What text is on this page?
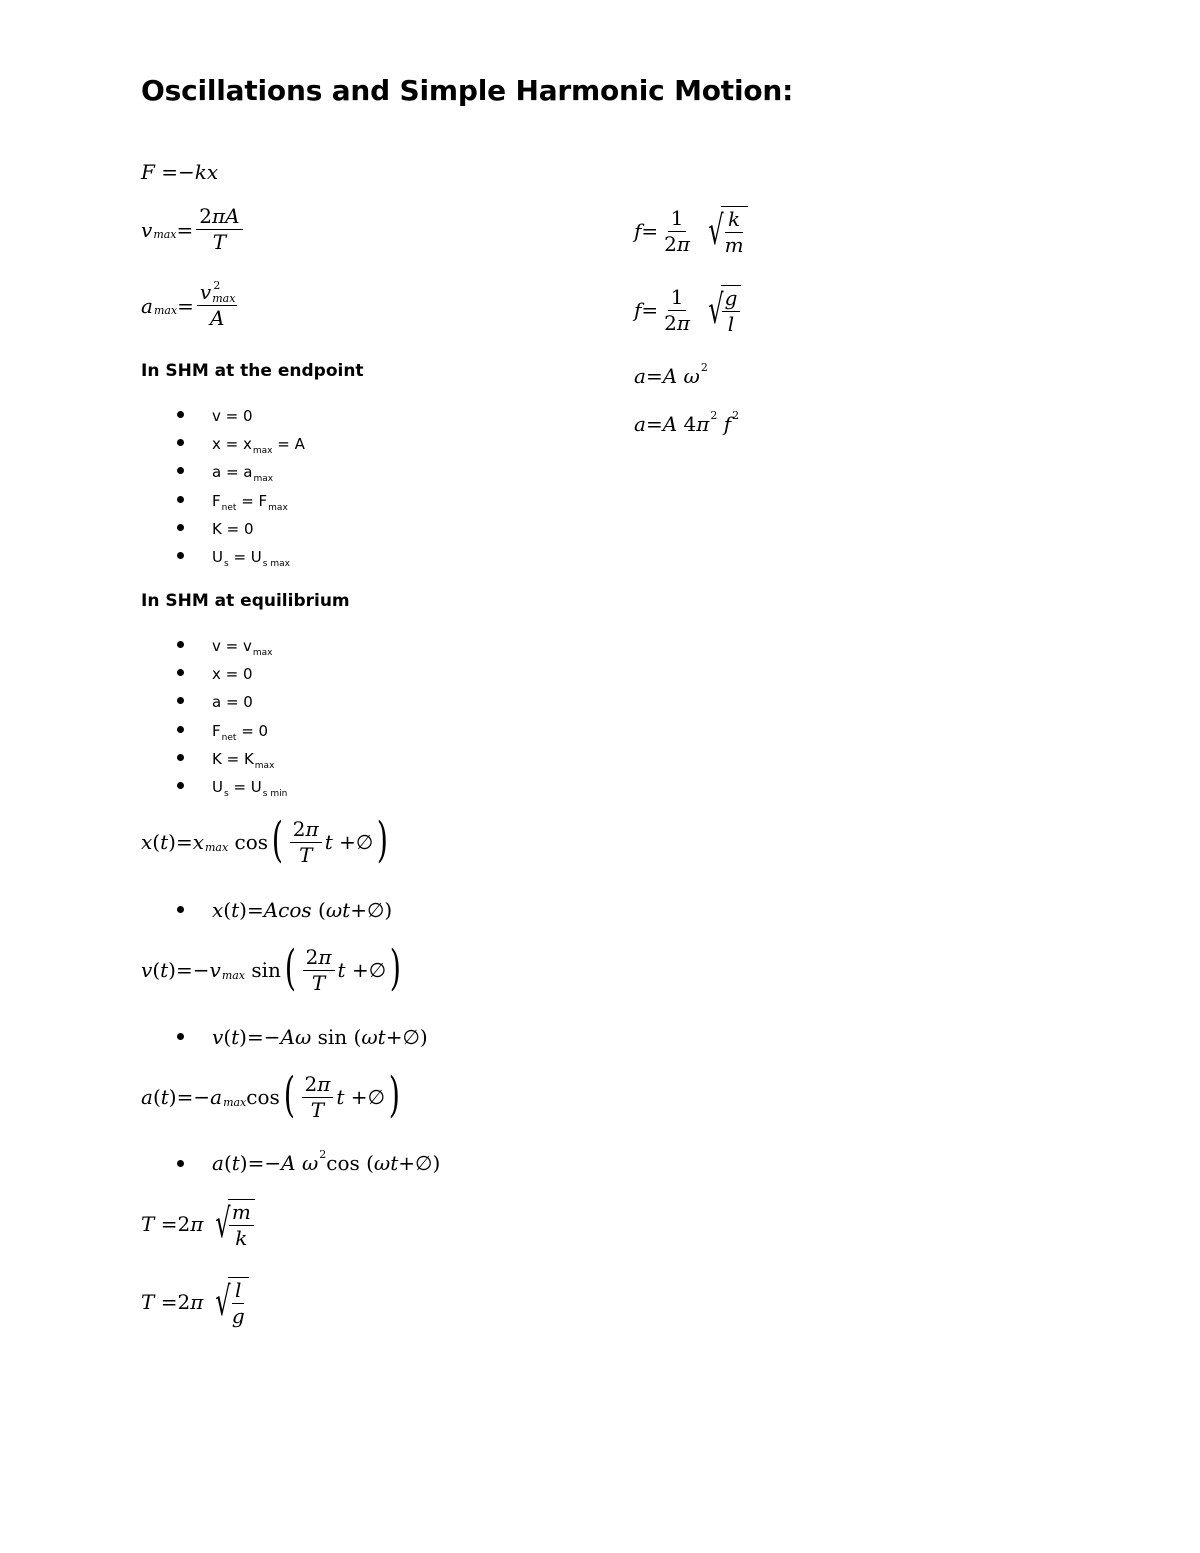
Oscillations and Simple Harmonic Motion:
F =− kx
v $\max = \frac{2\pi A}{T}$
a $\max = \frac{vmax^2}{A}$
In SHM at the endpoint
v = 0
$x = x_{max} = A$
$a = a_{max}$
$F_{net} = F_{max}$
K = 0
$U_s = U_{s max}$
In SHM at equilibrium
$v = v_{max}$
x = 0
a = 0
$F_{net} = 0$
$K = K_{max}$
$U_s = U_{s min}$
x ( t )= x max cos ( $\frac{2\pi}{T}$ t +∅ )
x ( t )= Acos ( ωt +∅)
v ( t )=− v max sin ( $\frac{2\pi}{T}$ t +∅ )
v ( t )=− Aω sin ( ωt +∅)
a ( t )=− a max cos ( $\frac{2\pi}{T}$ t +∅ )
a ( t )=− A
ω 2 cos ( ωt +∅)
T =2 π √
$\frac{m}{k}$
T =2 π √
$\frac{l}{g}$
$f = \frac{1}{2\pi}$ √
$\frac{k}{m}$
$f = \frac{1}{2\pi}$ √
$\frac{g}{l}$
a = A
ω 2
a = A 4 π 2
f 2
